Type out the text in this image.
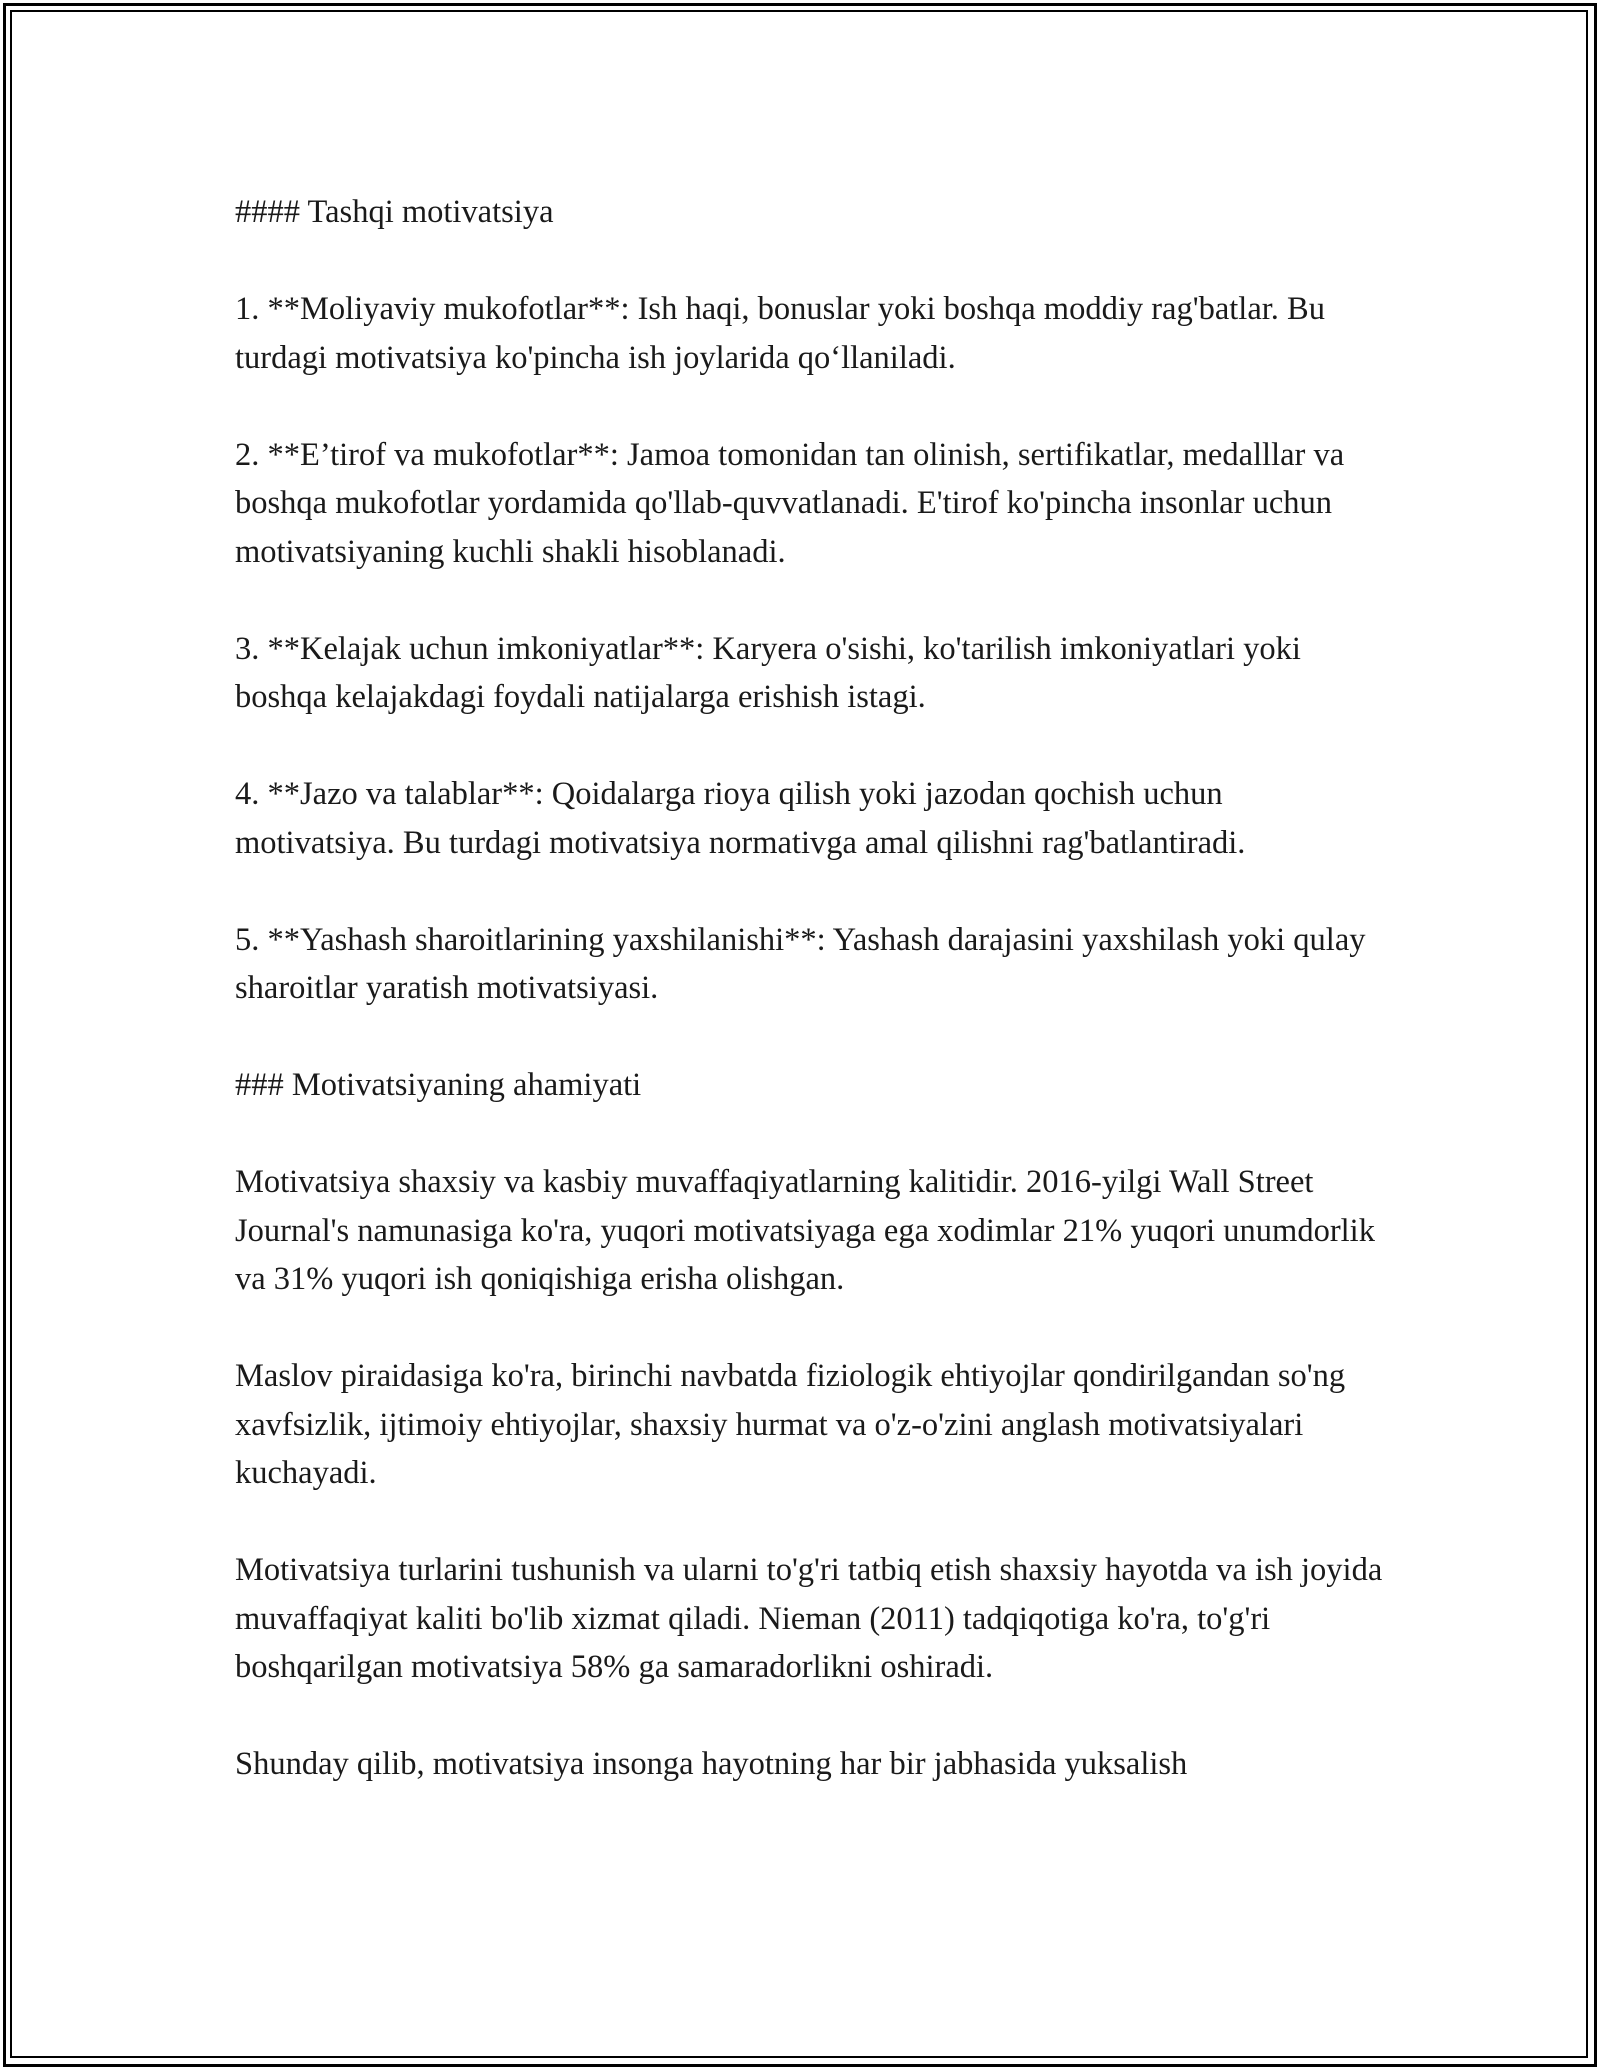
#### Tashqi motivatsiya

1. **Moliyaviy mukofotlar**: Ish haqi, bonuslar yoki boshqa moddiy rag'batlar. Bu turdagi motivatsiya ko'pincha ish joylarida qo‘llaniladi.

2. **E’tirof va mukofotlar**: Jamoa tomonidan tan olinish, sertifikatlar, medalllar va boshqa mukofotlar yordamida qo'llab-quvvatlanadi. E'tirof ko'pincha insonlar uchun motivatsiyaning kuchli shakli hisoblanadi.

3. **Kelajak uchun imkoniyatlar**: Karyera o'sishi, ko'tarilish imkoniyatlari yoki boshqa kelajakdagi foydali natijalarga erishish istagi.

4. **Jazo va talablar**: Qoidalarga rioya qilish yoki jazodan qochish uchun motivatsiya. Bu turdagi motivatsiya normativga amal qilishni rag'batlantiradi.

5. **Yashash sharoitlarining yaxshilanishi**: Yashash darajasini yaxshilash yoki qulay sharoitlar yaratish motivatsiyasi.

### Motivatsiyaning ahamiyati

Motivatsiya shaxsiy va kasbiy muvaffaqiyatlarning kalitidir. 2016-yilgi Wall Street Journal's namunasiga ko'ra, yuqori motivatsiyaga ega xodimlar 21% yuqori unumdorlik va 31% yuqori ish qoniqishiga erisha olishgan.

Maslov piraidasiga ko'ra, birinchi navbatda fiziologik ehtiyojlar qondirilgandan so'ng xavfsizlik, ijtimoiy ehtiyojlar, shaxsiy hurmat va o'z-o'zini anglash motivatsiyalari kuchayadi.

Motivatsiya turlarini tushunish va ularni to'g'ri tatbiq etish shaxsiy hayotda va ish joyida muvaffaqiyat kaliti bo'lib xizmat qiladi. Nieman (2011) tadqiqotiga ko'ra, to'g'ri boshqarilgan motivatsiya 58% ga samaradorlikni oshiradi.

Shunday qilib, motivatsiya insonga hayotning har bir jabhasida yuksalish
